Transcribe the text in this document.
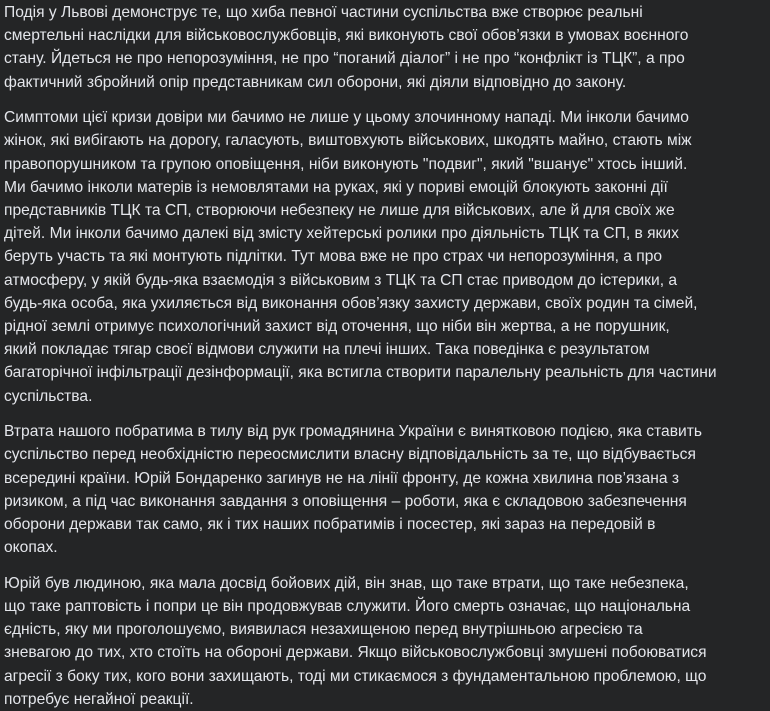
Подія у Львові демонструє те, що хиба певної частини суспільства вже створює реальні
смертельні наслідки для військовослужбовців, які виконують свої обов’язки в умовах воєнного
стану. Йдеться не про непорозуміння, не про “поганий діалог” і не про “конфлікт із ТЦК”, а про
фактичний збройний опір представникам сил оборони, які діяли відповідно до закону.

Симптоми цієї кризи довіри ми бачимо не лише у цьому злочинному нападі. Ми інколи бачимо
жінок, які вибігають на дорогу, галасують, виштовхують військових, шкодять майно, стають між
правопорушником та групою оповіщення, ніби виконують "подвиг", який "вшанує" хтось інший.
Ми бачимо інколи матерів із немовлятами на руках, які у пориві емоцій блокують законні дії
представників ТЦК та СП, створюючи небезпеку не лише для військових, але й для своїх же
дітей. Ми інколи бачимо далекі від змісту хейтерські ролики про діяльність ТЦК та СП, в яких
беруть участь та які монтують підлітки. Тут мова вже не про страх чи непорозуміння, а про
атмосферу, у якій будь-яка взаємодія з військовим з ТЦК та СП стає приводом до істерики, а
будь-яка особа, яка ухиляється від виконання обов’язку захисту держави, своїх родин та сімей,
рідної землі отримує психологічний захист від оточення, що ніби він жертва, а не порушник,
який покладає тягар своєї відмови служити на плечі інших. Така поведінка є результатом
багаторічної інфільтрації дезінформації, яка встигла створити паралельну реальність для частини
суспільства.

Втрата нашого побратима в тилу від рук громадянина України є винятковою подією, яка ставить
суспільство перед необхідністю переосмислити власну відповідальність за те, що відбувається
всередині країни. Юрій Бондаренко загинув не на лінії фронту, де кожна хвилина пов’язана з
ризиком, а під час виконання завдання з оповіщення – роботи, яка є складовою забезпечення
оборони держави так само, як і тих наших побратимів і посестер, які зараз на передовій в
окопах.

Юрій був людиною, яка мала досвід бойових дій, він знав, що таке втрати, що таке небезпека,
що таке раптовість і попри це він продовжував служити. Його смерть означає, що національна
єдність, яку ми проголошуємо, виявилася незахищеною перед внутрішньою агресією та
зневагою до тих, хто стоїть на обороні держави. Якщо військовослужбовці змушені побоюватися
агресії з боку тих, кого вони захищають, тоді ми стикаємося з фундаментальною проблемою, що
потребує негайної реакції.
